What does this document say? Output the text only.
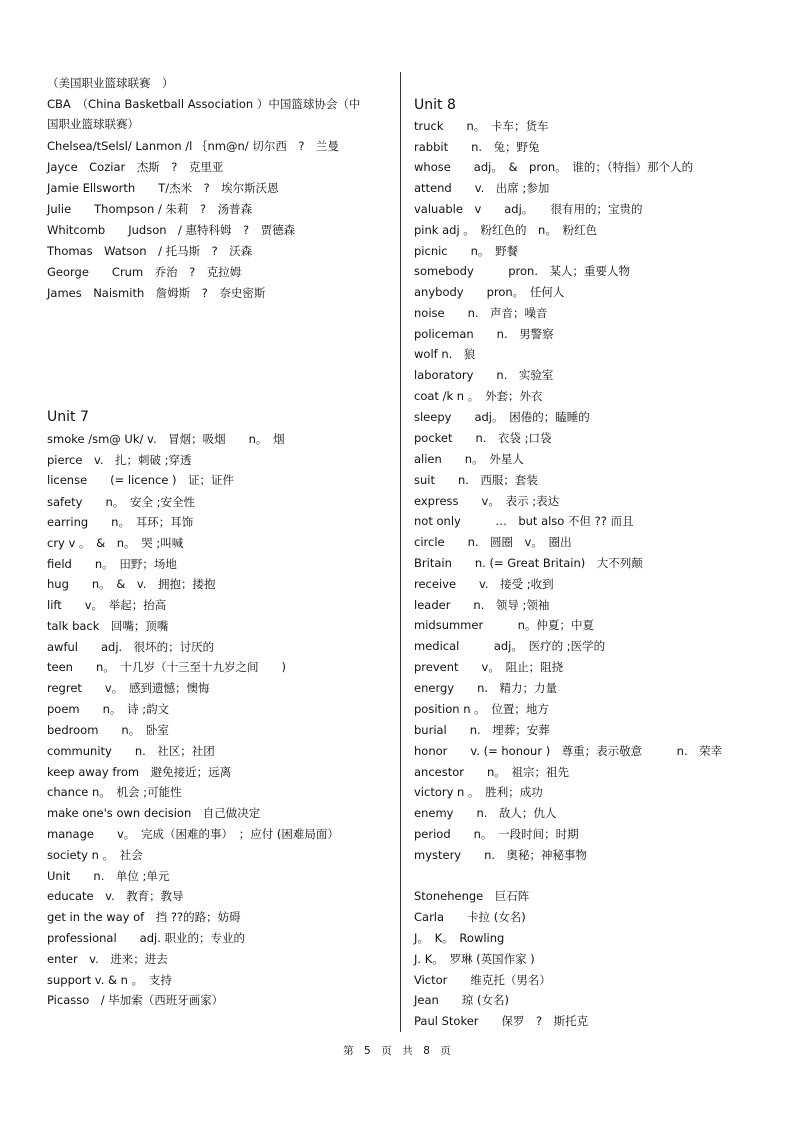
（美国职业篮球联赛　）
CBA　（China Basketball Association ）中国篮球协会（中
国职业篮球联赛）
Chelsea/tSelsl/ Lanmon /l ｛nm@n/ 切尔西　?　兰曼
Jayce　Coziar　杰斯　?　克里亚
Jamie Ellsworth　　T/杰米　?　埃尔斯沃恩
Julie　　Thompson / 朱莉　?　汤普森
Whitcomb　　Judson　/ 惠特科姆　?　贾德森
Thomas　Watson　/ 托马斯　?　沃森
George　　Crum　乔治　?　克拉姆
James　Naismith　詹姆斯　?　奈史密斯
Unit 7
smoke /sm@ Uk/ v.　冒烟；吸烟　　n。　烟
pierce　v.　扎；刺破 ;穿透
license　　(= licence )　证；证件
safety　　n。　安全 ;安全性
earring　　n。　耳环；耳饰
cry v 。　&　n。　哭 ;叫喊
field　　n。　田野；场地
hug　　n。　&　v.　拥抱；搂抱
lift　　v。　举起；抬高
talk back　回嘴；顶嘴
awful　　adj.　很坏的；讨厌的
teen　　n。　十几岁（十三至十九岁之间　　)
regret　　v。　感到遗憾；懊悔
poem　　n。　诗 ;韵文
bedroom　　n。　卧室
community　　n.　社区；社团
keep away from　避免接近；远离
chance n。　机会 ;可能性
make one's own decision　自己做决定
manage　　v。　完成（困难的事）　；应付 (困难局面）
society n 。　社会
Unit　　n.　单位 ;单元
educate　v.　教育；教导
get in the way of　挡 ??的路；妨碍
professional　　adj. 职业的；专业的
enter　v.　进来；进去
support v. & n 。　支持
Picasso　/ 毕加索（西班牙画家）
Unit 8
truck　　n。　卡车；货车
rabbit　　n.　兔；野兔
whose　　adj。　&　pron。　谁的；（特指）那个人的
attend　　v.　出席 ;参加
valuable　v　　adj。　　很有用的；宝贵的
pink adj 。　粉红色的　n。　粉红色
picnic　　n。　野餐
somebody　　　pron.　某人；重要人物
anybody　　pron。　任何人
noise　　n.　声音；噪音
policeman　　n.　男警察
wolf n.　狼
laboratory　　n.　实验室
coat /k n 。　外套；外衣
sleepy　　adj。　困倦的；瞌睡的
pocket　　n.　衣袋 ;口袋
alien　　n。　外星人
suit　　n.　西服；套装
express　　v。　表示 ;表达
not only　　　…　but also 不但 ?? 而且
circle　　n.　圆圈　v。　圈出
Britain　　n. (= Great Britain)　大不列颠
receive　　v.　接受 ;收到
leader　　n.　领导 ;领袖
midsummer　　　n。仲夏；中夏
medical　　　adj。　医疗的 ;医学的
prevent　　v。　阻止；阻挠
energy　　n.　精力；力量
position n 。　位置；地方
burial　　n.　埋葬；安葬
honor　　v. (= honour )　尊重；表示敬意　　　n.　荣幸
ancestor　　n。　祖宗；祖先
victory n 。　胜利；成功
enemy　　n.　敌人；仇人
period　　n。　一段时间；时期
mystery　　n.　奥秘；神秘事物
Stonehenge　巨石阵
Carla　　卡拉 (女名)
J。　K。　Rowling
J. K。　罗琳 (英国作家 )
Victor　　维克托（男名）
Jean　　琼 (女名)
Paul Stoker　　保罗　?　斯托克
第　5　页　共　8　页
